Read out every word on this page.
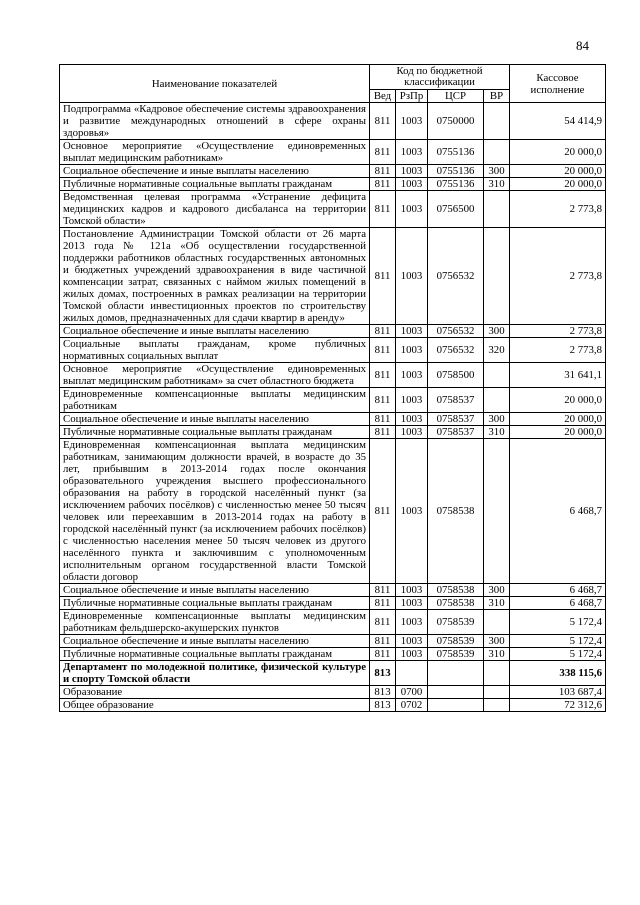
84
Наименование показателей	Код по бюджетной классификации				Кассовое исполнение
	Вед	РзПр	ЦСР	ВР	
Подпрограмма «Кадровое обеспечение системы здравоохранения и развитие международных отношений в сфере охраны здоровья»	811	1003	0750000		54 414,9
Основное мероприятие «Осуществление единовременных выплат медицинским работникам»	811	1003	0755136		20 000,0
Социальное обеспечение и иные выплаты населению	811	1003	0755136	300	20 000,0
Публичные нормативные социальные выплаты гражданам	811	1003	0755136	310	20 000,0
Ведомственная целевая программа «Устранение дефицита медицинских кадров и кадрового дисбаланса на территории Томской области»	811	1003	0756500		2 773,8
Постановление Администрации Томской области от 26 марта 2013 года № 121а «Об осуществлении государственной поддержки работников областных государственных автономных и бюджетных учреждений здравоохранения в виде частичной компенсации затрат, связанных с наймом жилых помещений в жилых домах, построенных в рамках реализации на территории Томской области инвестиционных проектов по строительству жилых домов, предназначенных для сдачи квартир в аренду»	811	1003	0756532		2 773,8
Социальное обеспечение и иные выплаты населению	811	1003	0756532	300	2 773,8
Социальные выплаты гражданам, кроме публичных нормативных социальных выплат	811	1003	0756532	320	2 773,8
Основное мероприятие «Осуществление единовременных выплат медицинским работникам» за счет областного бюджета	811	1003	0758500		31 641,1
Единовременные компенсационные выплаты медицинским работникам	811	1003	0758537		20 000,0
Социальное обеспечение и иные выплаты населению	811	1003	0758537	300	20 000,0
Публичные нормативные социальные выплаты гражданам	811	1003	0758537	310	20 000,0
Единовременная компенсационная выплата медицинским работникам, занимающим должности врачей, в возрасте до 35 лет, прибывшим в 2013-2014 годах после окончания образовательного учреждения высшего профессионального образования на работу в городской населённый пункт (за исключением рабочих посёлков) с численностью менее 50 тысяч человек или переехавшим в 2013-2014 годах на работу в городской населённый пункт (за исключением рабочих посёлков) с численностью населения менее 50 тысяч человек из другого населённого пункта и заключившим с уполномоченным исполнительным органом государственной власти Томской области договор	811	1003	0758538		6 468,7
Социальное обеспечение и иные выплаты населению	811	1003	0758538	300	6 468,7
Публичные нормативные социальные выплаты гражданам	811	1003	0758538	310	6 468,7
Единовременные компенсационные выплаты медицинским работникам фельдшерско-акушерских пунктов	811	1003	0758539		5 172,4
Социальное обеспечение и иные выплаты населению	811	1003	0758539	300	5 172,4
Публичные нормативные социальные выплаты гражданам	811	1003	0758539	310	5 172,4
Департамент по молодежной политике, физической культуре и спорту Томской области	813				338 115,6
Образование	813	0700			103 687,4
Общее образование	813	0702			72 312,6
